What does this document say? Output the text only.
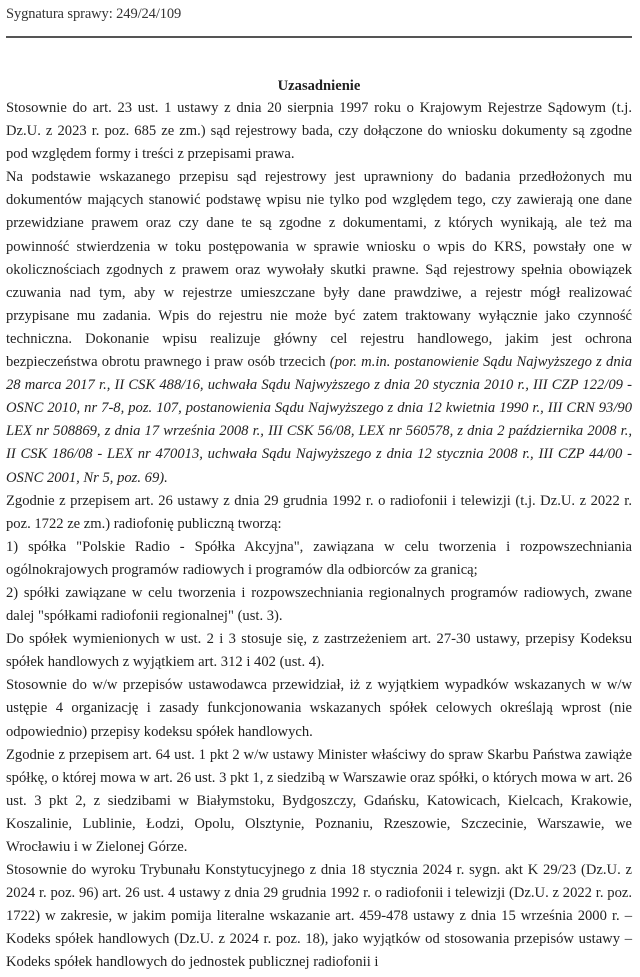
Sygnatura sprawy: 249/24/109

Uzasadnienie

Stosownie do art. 23 ust. 1 ustawy z dnia 20 sierpnia 1997 roku o Krajowym Rejestrze Sądowym (t.j. Dz.U. z 2023 r. poz. 685 ze zm.) sąd rejestrowy bada, czy dołączone do wniosku dokumenty są zgodne pod względem formy i treści z przepisami prawa.

Na podstawie wskazanego przepisu sąd rejestrowy jest uprawniony do badania przedłożonych mu dokumentów mających stanowić podstawę wpisu nie tylko pod względem tego, czy zawierają one dane przewidziane prawem oraz czy dane te są zgodne z dokumentami, z których wynikają, ale też ma powinność stwierdzenia w toku postępowania w sprawie wniosku o wpis do KRS, powstały one w okolicznościach zgodnych z prawem oraz wywołały skutki prawne. Sąd rejestrowy spełnia obowiązek czuwania nad tym, aby w rejestrze umieszczane były dane prawdziwe, a rejestr mógł realizować przypisane mu zadania. Wpis do rejestru nie może być zatem traktowany wyłącznie jako czynność techniczna. Dokonanie wpisu realizuje główny cel rejestru handlowego, jakim jest ochrona bezpieczeństwa obrotu prawnego i praw osób trzecich (por. m.in. postanowienie Sądu Najwyższego z dnia 28 marca 2017 r., II CSK 488/16, uchwała Sądu Najwyższego z dnia 20 stycznia 2010 r., III CZP 122/09 - OSNC 2010, nr 7-8, poz. 107, postanowienia Sądu Najwyższego z dnia 12 kwietnia 1990 r., III CRN 93/90 LEX nr 508869, z dnia 17 września 2008 r., III CSK 56/08, LEX nr 560578, z dnia 2 października 2008 r., II CSK 186/08 - LEX nr 470013, uchwała Sądu Najwyższego z dnia 12 stycznia 2008 r., III CZP 44/00 - OSNC 2001, Nr 5, poz. 69).

Zgodnie z przepisem art. 26 ustawy z dnia 29 grudnia 1992 r. o radiofonii i telewizji (t.j. Dz.U. z 2022 r. poz. 1722 ze zm.) radiofonię publiczną tworzą:

1) spółka "Polskie Radio - Spółka Akcyjna", zawiązana w celu tworzenia i rozpowszechniania ogólnokrajowych programów radiowych i programów dla odbiorców za granicą;

2) spółki zawiązane w celu tworzenia i rozpowszechniania regionalnych programów radiowych, zwane dalej "spółkami radiofonii regionalnej" (ust. 3).

Do spółek wymienionych w ust. 2 i 3 stosuje się, z zastrzeżeniem art. 27-30 ustawy, przepisy Kodeksu spółek handlowych z wyjątkiem art. 312 i 402 (ust. 4).

Stosownie do w/w przepisów ustawodawca przewidział, iż z wyjątkiem wypadków wskazanych w w/w ustępie 4 organizację i zasady funkcjonowania wskazanych spółek celowych określają wprost (nie odpowiednio) przepisy kodeksu spółek handlowych.

Zgodnie z przepisem art. 64 ust. 1 pkt 2 w/w ustawy Minister właściwy do spraw Skarbu Państwa zawiąże spółkę, o której mowa w art. 26 ust. 3 pkt 1, z siedzibą w Warszawie oraz spółki, o których mowa w art. 26 ust. 3 pkt 2, z siedzibami w Białymstoku, Bydgoszczy, Gdańsku, Katowicach, Kielcach, Krakowie, Koszalinie, Lublinie, Łodzi, Opolu, Olsztynie, Poznaniu, Rzeszowie, Szczecinie, Warszawie, we Wrocławiu i w Zielonej Górze.

Stosownie do wyroku Trybunału Konstytucyjnego z dnia 18 stycznia 2024 r. sygn. akt K 29/23 (Dz.U. z 2024 r. poz. 96) art. 26 ust. 4 ustawy z dnia 29 grudnia 1992 r. o radiofonii i telewizji (Dz.U. z 2022 r. poz. 1722) w zakresie, w jakim pomija literalne wskazanie art. 459-478 ustawy z dnia 15 września 2000 r. – Kodeks spółek handlowych (Dz.U. z 2024 r. poz. 18), jako wyjątków od stosowania przepisów ustawy – Kodeks spółek handlowych do jednostek publicznej radiofonii i
